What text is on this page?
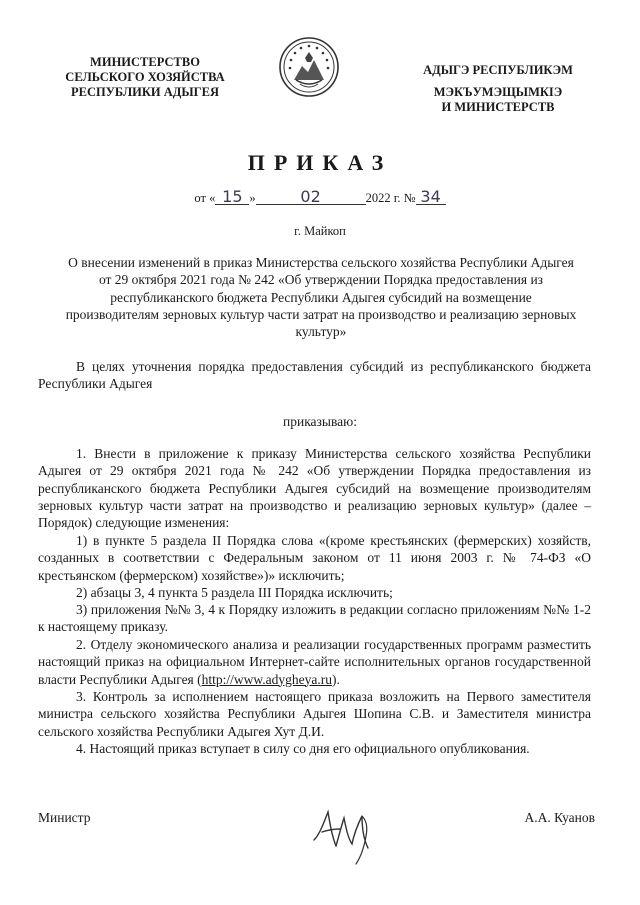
МИНИСТЕРСТВО
СЕЛЬСКОГО ХОЗЯЙСТВА
РЕСПУБЛИКИ АДЫГЕЯ
АДЫГЭ РЕСПУБЛИКЭМ
МЭКЪУМЭЩЫМКIЭ
И МИНИСТЕРСТВ
ПРИКАЗ
от « 15 »	02	2022 г. № 34
г. Майкоп
О внесении изменений в приказ Министерства сельского хозяйства Республики Адыгея от 29 октября 2021 года № 242 «Об утверждении Порядка предоставления из республиканского бюджета Республики Адыгея субсидий на возмещение производителям зерновых культур части затрат на производство и реализацию зерновых культур»
В целях уточнения порядка предоставления субсидий из республиканского бюджета Республики Адыгея
приказываю:
1. Внести в приложение к приказу Министерства сельского хозяйства Республики Адыгея от 29 октября 2021 года № 242 «Об утверждении Порядка предоставления из республиканского бюджета Республики Адыгея субсидий на возмещение производителям зерновых культур части затрат на производство и реализацию зерновых культур» (далее – Порядок) следующие изменения:
1) в пункте 5 раздела II Порядка слова «(кроме крестьянских (фермерских) хозяйств, созданных в соответствии с Федеральным законом от 11 июня 2003 г. № 74-ФЗ «О крестьянском (фермерском) хозяйстве»)» исключить;
2) абзацы 3, 4 пункта 5 раздела III Порядка исключить;
3) приложения №№ 3, 4 к Порядку изложить в редакции согласно приложениям №№ 1-2 к настоящему приказу.
2. Отделу экономического анализа и реализации государственных программ разместить настоящий приказ на официальном Интернет-сайте исполнительных органов государственной власти Республики Адыгея (http://www.adygheya.ru).
3. Контроль за исполнением настоящего приказа возложить на Первого заместителя министра сельского хозяйства Республики Адыгея Шопина С.В. и Заместителя министра сельского хозяйства Республики Адыгея Хут Д.И.
4. Настоящий приказ вступает в силу со дня его официального опубликования.
Министр	А.А. Куанов
